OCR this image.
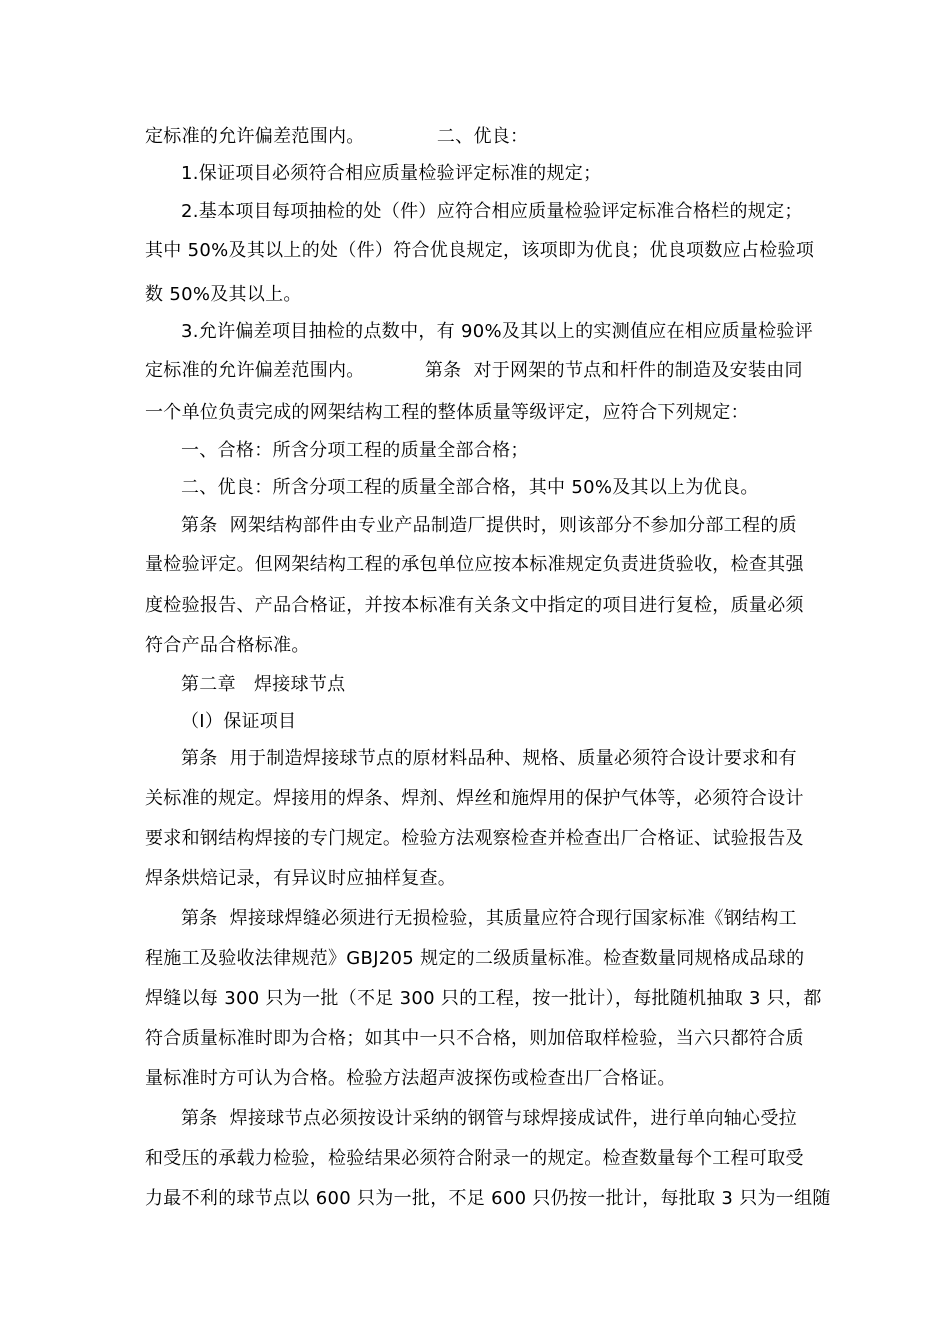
定标准的允许偏差范围内。            二、优良：
1.保证项目必须符合相应质量检验评定标准的规定；
2.基本项目每项抽检的处（件）应符合相应质量检验评定标准合格栏的规定；
其中 50%及其以上的处（件）符合优良规定，该项即为优良；优良项数应占检验项
数 50%及其以上。
3.允许偏差项目抽检的点数中，有 90%及其以上的实测值应在相应质量检验评
定标准的允许偏差范围内。          第条  对于网架的节点和杆件的制造及安装由同
一个单位负责完成的网架结构工程的整体质量等级评定，应符合下列规定：
一、合格：所含分项工程的质量全部合格；
二、优良：所含分项工程的质量全部合格，其中 50%及其以上为优良。
第条  网架结构部件由专业产品制造厂提供时，则该部分不参加分部工程的质
量检验评定。但网架结构工程的承包单位应按本标准规定负责进货验收，检查其强
度检验报告、产品合格证，并按本标准有关条文中指定的项目进行复检，质量必须
符合产品合格标准。
第二章   焊接球节点
（Ⅰ）保证项目
第条  用于制造焊接球节点的原材料品种、规格、质量必须符合设计要求和有
关标准的规定。焊接用的焊条、焊剂、焊丝和施焊用的保护气体等，必须符合设计
要求和钢结构焊接的专门规定。检验方法观察检查并检查出厂合格证、试验报告及
焊条烘焙记录，有异议时应抽样复查。
第条  焊接球焊缝必须进行无损检验，其质量应符合现行国家标准《钢结构工
程施工及验收法律规范》GBJ205 规定的二级质量标准。检查数量同规格成品球的
焊缝以每 300 只为一批（不足 300 只的工程，按一批计），每批随机抽取 3 只，都
符合质量标准时即为合格；如其中一只不合格，则加倍取样检验，当六只都符合质
量标准时方可认为合格。检验方法超声波探伤或检查出厂合格证。
第条  焊接球节点必须按设计采纳的钢管与球焊接成试件，进行单向轴心受拉
和受压的承载力检验，检验结果必须符合附录一的规定。检查数量每个工程可取受
力最不利的球节点以 600 只为一批，不足 600 只仍按一批计，每批取 3 只为一组随
